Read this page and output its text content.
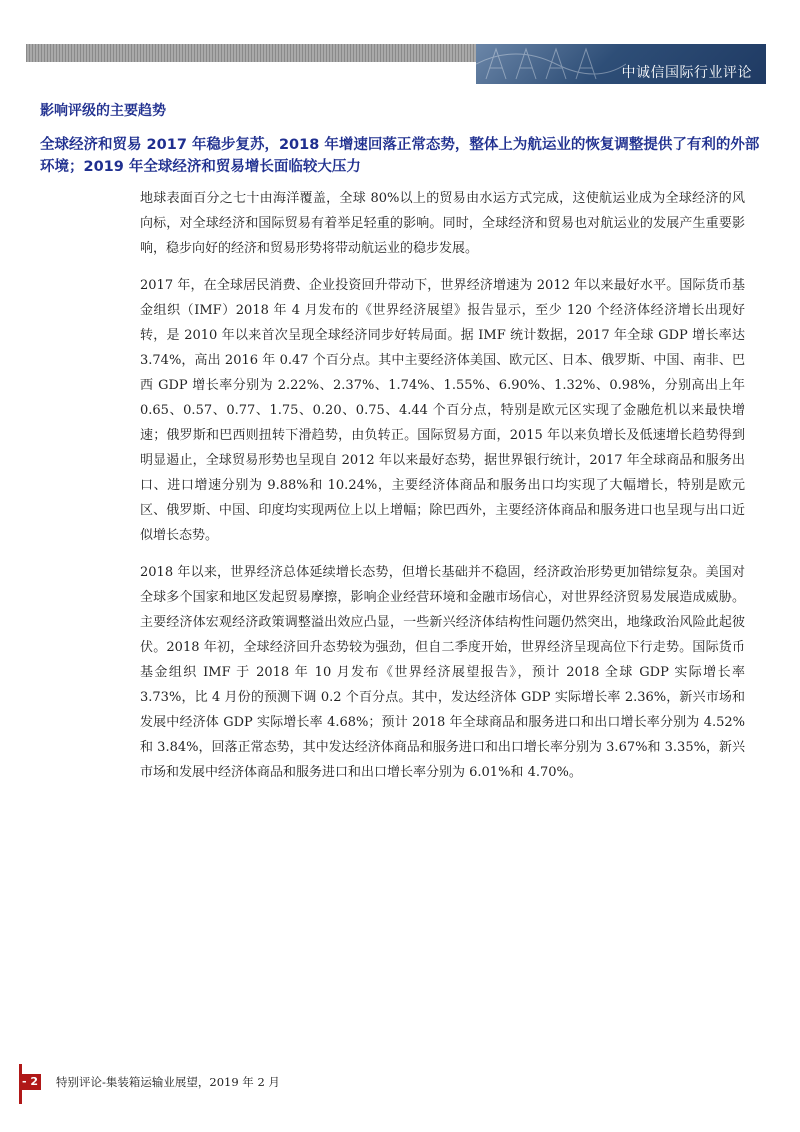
中诚信国际行业评论
影响评级的主要趋势
全球经济和贸易 2017 年稳步复苏，2018 年增速回落正常态势，整体上为航运业的恢复调整提供了有利的外部环境；2019 年全球经济和贸易增长面临较大压力

地球表面百分之七十由海洋覆盖，全球 80%以上的贸易由水运方式完成，这使航运业成为全球经济的风向标，对全球经济和国际贸易有着举足轻重的影响。同时，全球经济和贸易也对航运业的发展产生重要影响，稳步向好的经济和贸易形势将带动航运业的稳步发展。

2017 年，在全球居民消费、企业投资回升带动下，世界经济增速为 2012 年以来最好水平。国际货币基金组织（IMF）2018 年 4 月发布的《世界经济展望》报告显示，至少 120 个经济体经济增长出现好转，是 2010 年以来首次呈现全球经济同步好转局面。据 IMF 统计数据，2017 年全球 GDP 增长率达 3.74%，高出 2016 年 0.47 个百分点。其中主要经济体美国、欧元区、日本、俄罗斯、中国、南非、巴西 GDP 增长率分别为 2.22%、2.37%、1.74%、1.55%、6.90%、1.32%、0.98%，分别高出上年 0.65、0.57、0.77、1.75、0.20、0.75、4.44 个百分点，特别是欧元区实现了金融危机以来最快增速；俄罗斯和巴西则扭转下滑趋势，由负转正。国际贸易方面，2015 年以来负增长及低速增长趋势得到明显遏止，全球贸易形势也呈现自 2012 年以来最好态势，据世界银行统计，2017 年全球商品和服务出口、进口增速分别为 9.88%和 10.24%，主要经济体商品和服务出口均实现了大幅增长，特别是欧元区、俄罗斯、中国、印度均实现两位上以上增幅；除巴西外，主要经济体商品和服务进口也呈现与出口近似增长态势。

2018 年以来，世界经济总体延续增长态势，但增长基础并不稳固，经济政治形势更加错综复杂。美国对全球多个国家和地区发起贸易摩擦，影响企业经营环境和金融市场信心，对世界经济贸易发展造成威胁。主要经济体宏观经济政策调整溢出效应凸显，一些新兴经济体结构性问题仍然突出，地缘政治风险此起彼伏。2018 年初，全球经济回升态势较为强劲，但自二季度开始，世界经济呈现高位下行走势。国际货币基金组织 IMF 于 2018 年 10 月发布《世界经济展望报告》，预计 2018 全球 GDP 实际增长率 3.73%，比 4 月份的预测下调 0.2 个百分点。其中，发达经济体 GDP 实际增长率 2.36%，新兴市场和发展中经济体 GDP 实际增长率 4.68%；预计 2018 年全球商品和服务进口和出口增长率分别为 4.52%和 3.84%，回落正常态势，其中发达经济体商品和服务进口和出口增长率分别为 3.67%和 3.35%，新兴市场和发展中经济体商品和服务进口和出口增长率分别为 6.01%和 4.70%。

- 2 -
特别评论-集装箱运输业展望，2019 年 2 月
